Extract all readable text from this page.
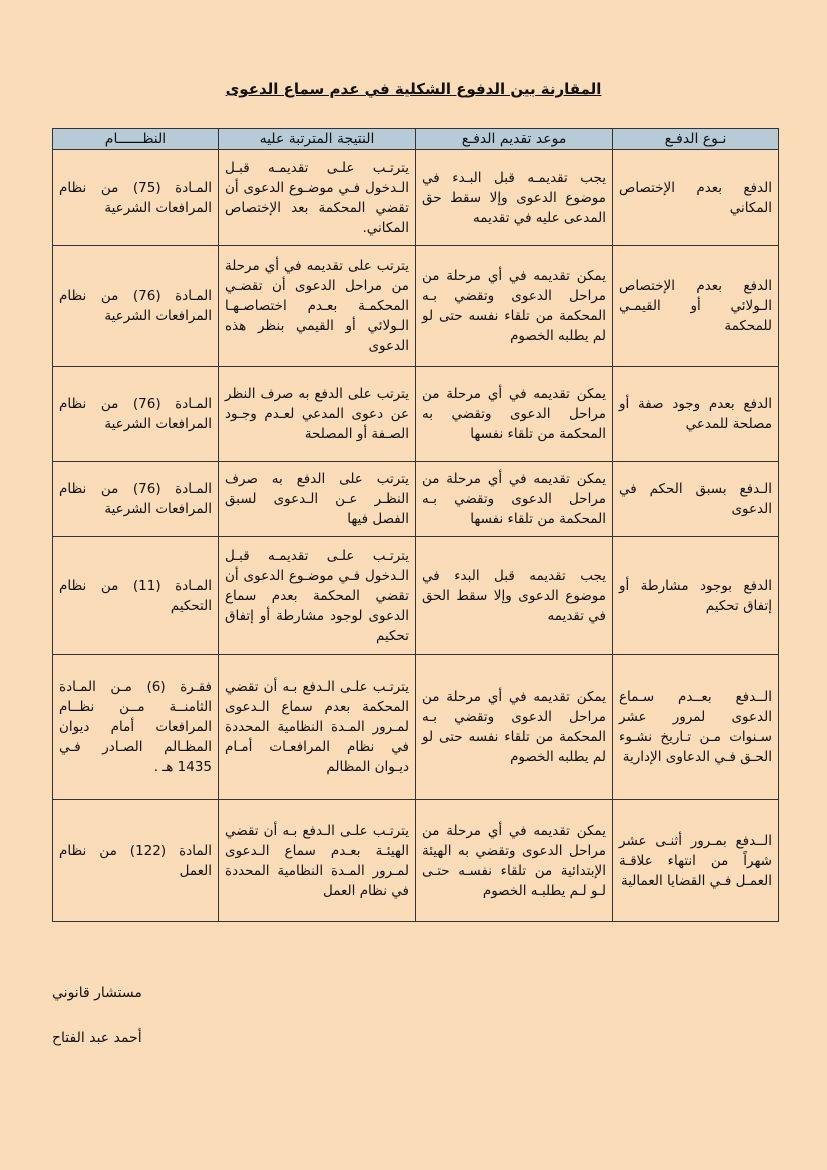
المقارنة بين الدفوع الشكلية في عدم سماع الدعوى
نـوع الدفـع	موعد تقديم الدفـع	النتيجة المترتبة عليه	النظــــــام
الدفع بعدم الإختصاص المكاني	يجب تقديمـه قبل البـدء في موضوع الدعوى وإلا سقط حق المدعى عليه في تقديمه	يترتـب علـى تقديمـه قبـل الـدخول فـي موضـوع الدعوى أن تقضي المحكمة بعد الإختصاص المكاني.	المـادة (75) من نظام المرافعات الشرعية
الدفع بعدم الإختصاص الـولائي أو القيمـي للمحكمة	يمكن تقديمه في أي مرحلة من مراحل الدعوى وتقضي بـه المحكمة من تلقاء نفسه حتى لو لم يطلبه الخصوم	يترتب على تقديمه في أي مرحلة من مراحل الدعوى أن تقضـي المحكمـة بعـدم اختصاصـهـا الـولائي أو القيمي بنظر هذه الدعوى	المـادة (76) من نظام المرافعات الشرعية
الدفع بعدم وجود صفة أو مصلحة للمدعي	يمكن تقديمه في أي مرحلة من مراحل الدعوى وتقضي به المحكمة من تلقاء نفسها	يترتب على الدفع به صرف النظر عن دعوى المدعي لعـدم وجـود الصـفة أو المصلحة	المـادة (76) من نظام المرافعات الشرعية
الـدفع بسبق الحكم في الدعوى	يمكن تقديمه في أي مرحلة من مراحل الدعوى وتقضي بـه المحكمة من تلقاء نفسها	يترتب على الدفع به صرف النظـر عـن الـدعوى لسبق الفصل فيها	المـادة (76) من نظام المرافعات الشرعية
الدفع بوجود مشارطة أو إتفاق تحكيم	يجب تقديمه قبل البدء في موضوع الدعوى وإلا سقط الحق في تقديمه	يترتـب علـى تقديمـه قبـل الـدخول فـي موضـوع الدعوى أن تقضي المحكمة بعدم سماع الدعوى لوجود مشارطة أو إتفاق تحكيم	المـادة (11) من نظام التحكيم
الــدفع بعــدم سـماع الدعوى لمرور عشر سـنوات مـن تـاريخ نشـوء الحـق فـي الدعاوى الإدارية	يمكن تقديمه في أي مرحلة من مراحل الدعوى وتقضي بـه المحكمة من تلقاء نفسه حتى لو لم يطلبه الخصوم	يترتـب علـى الـدفع بـه أن تقضي المحكمة بعدم سماع الـدعوى لمـرور المـدة النظامية المحددة في نظام المرافعـات أمـام ديـوان المظالم	فقـرة (6) مـن المـادة الثامنــة مــن نظــام المرافعات أمام ديوان المظـالم الصـادر فـي 1435 هـ .
الــدفع بمـرور أثنـى عشر شهراً من انتهاء علاقـة العمـل فـي القضايا العمالية	يمكن تقديمه في أي مرحلة من مراحل الدعوى وتقضي به الهيئة الإبتدائية من تلقاء نفسـه حتـى لـو لـم يطلبـه الخصوم	يترتـب علـى الـدفع بـه أن تقضي الهيئـة بعـدم سماع الـدعوى لمـرور المـدة النظامية المحددة في نظام العمل	المادة (122) من نظام العمل
مستشار قانوني
أحمد عبد الفتاح
